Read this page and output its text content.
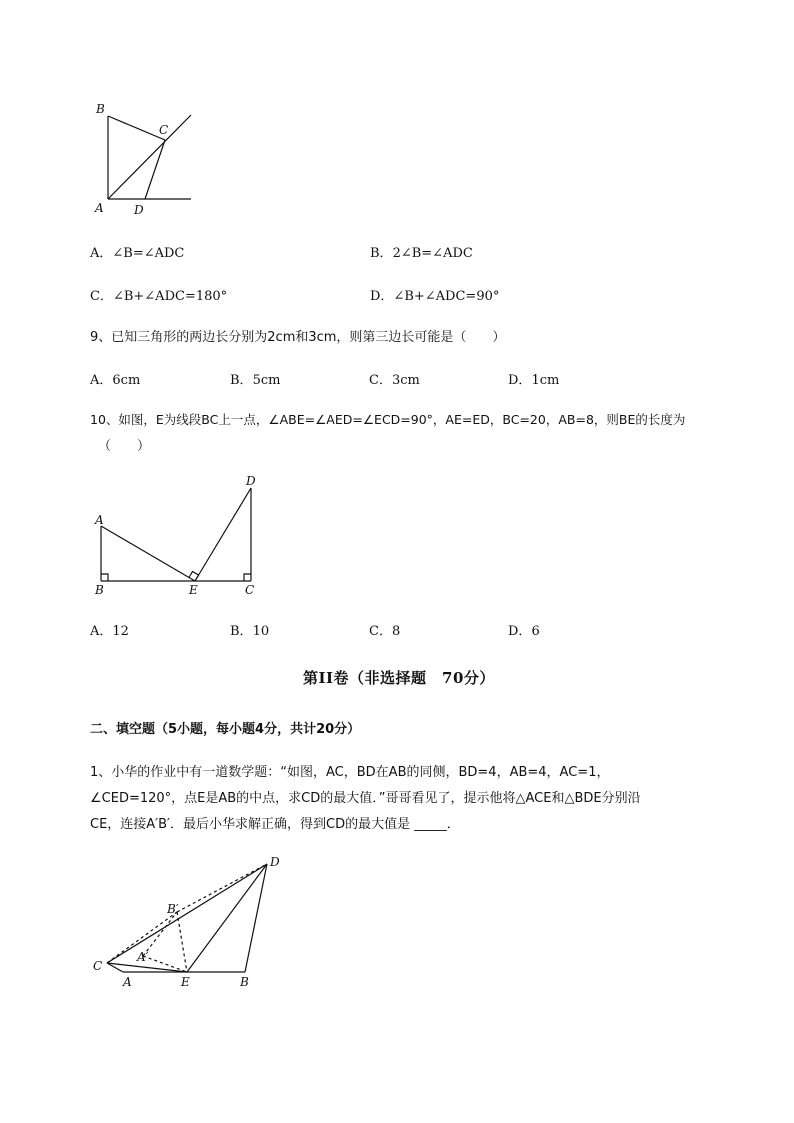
B
C
A	D
A．∠B=∠ADC	B．2∠B=∠ADC
C．∠B+∠ADC=180°	D．∠B+∠ADC=90°
9、已知三角形的两边长分别为2cm和3cm，则第三边长可能是（　　）
A．6cm	B．5cm	C．3cm	D．1cm
10、如图，E为线段BC上一点，∠ABE=∠AED=∠ECD=90°，AE=ED，BC=20，AB=8，则BE的长度为
（　　）
A
B	E	C
D
A．12	B．10	C．8	D．6
第II卷（非选择题　70分）
二、填空题（5小题，每小题4分，共计20分）
1、小华的作业中有一道数学题：“如图，AC，BD在AB的同侧，BD=4，AB=4，AC=1，
∠CED=120°，点E是AB的中点，求CD的最大值．”哥哥看见了，提示他将△ACE和△BDE分别沿
CE，连接A′B′．最后小华求解正确，得到CD的最大值是 _____．
D
B′
C
A′
A	E	B
